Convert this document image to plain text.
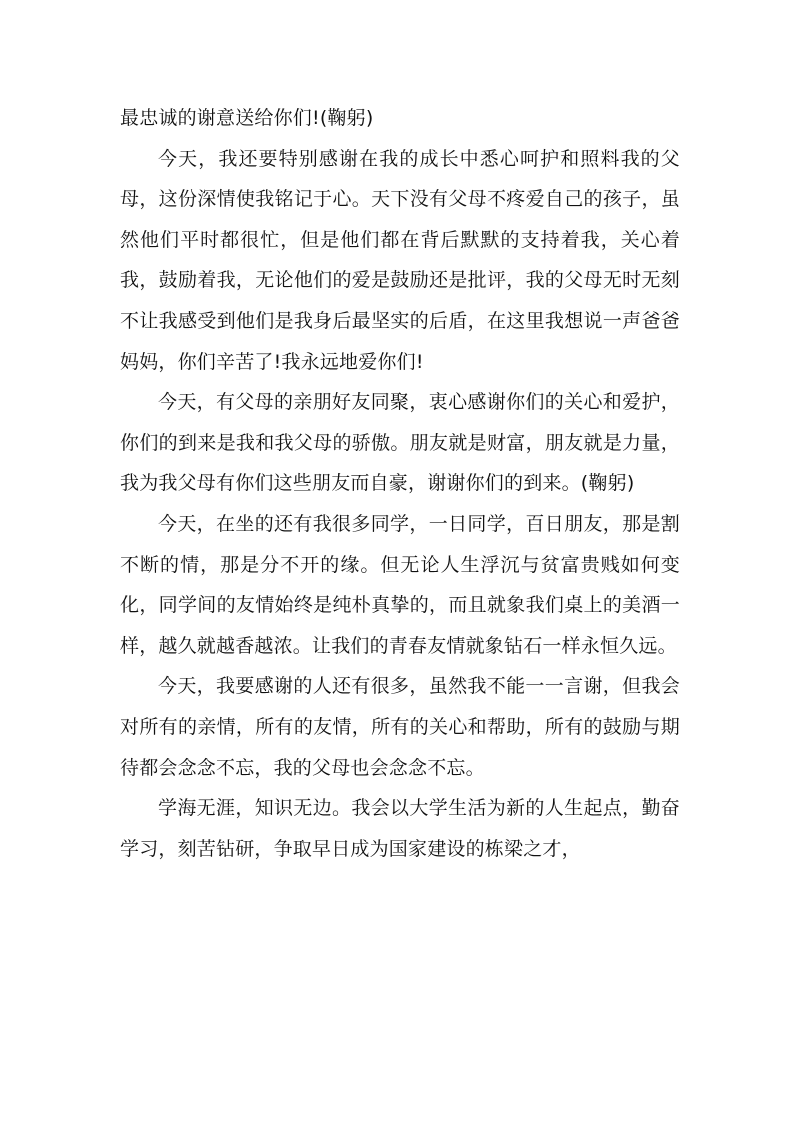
最忠诚的谢意送给你们!(鞠躬)

今天，我还要特别感谢在我的成长中悉心呵护和照料我的父母，这份深情使我铭记于心。天下没有父母不疼爱自己的孩子，虽然他们平时都很忙，但是他们都在背后默默的支持着我，关心着我，鼓励着我，无论他们的爱是鼓励还是批评，我的父母无时无刻不让我感受到他们是我身后最坚实的后盾，在这里我想说一声爸爸妈妈，你们辛苦了!我永远地爱你们!

今天，有父母的亲朋好友同聚，衷心感谢你们的关心和爱护，你们的到来是我和我父母的骄傲。朋友就是财富，朋友就是力量，我为我父母有你们这些朋友而自豪，谢谢你们的到来。(鞠躬)

今天，在坐的还有我很多同学，一日同学，百日朋友，那是割不断的情，那是分不开的缘。但无论人生浮沉与贫富贵贱如何变化，同学间的友情始终是纯朴真挚的，而且就象我们桌上的美酒一样，越久就越香越浓。让我们的青春友情就象钻石一样永恒久远。

今天，我要感谢的人还有很多，虽然我不能一一言谢，但我会对所有的亲情，所有的友情，所有的关心和帮助，所有的鼓励与期待都会念念不忘，我的父母也会念念不忘。

学海无涯，知识无边。我会以大学生活为新的人生起点，勤奋学习，刻苦钻研，争取早日成为国家建设的栋梁之才，
